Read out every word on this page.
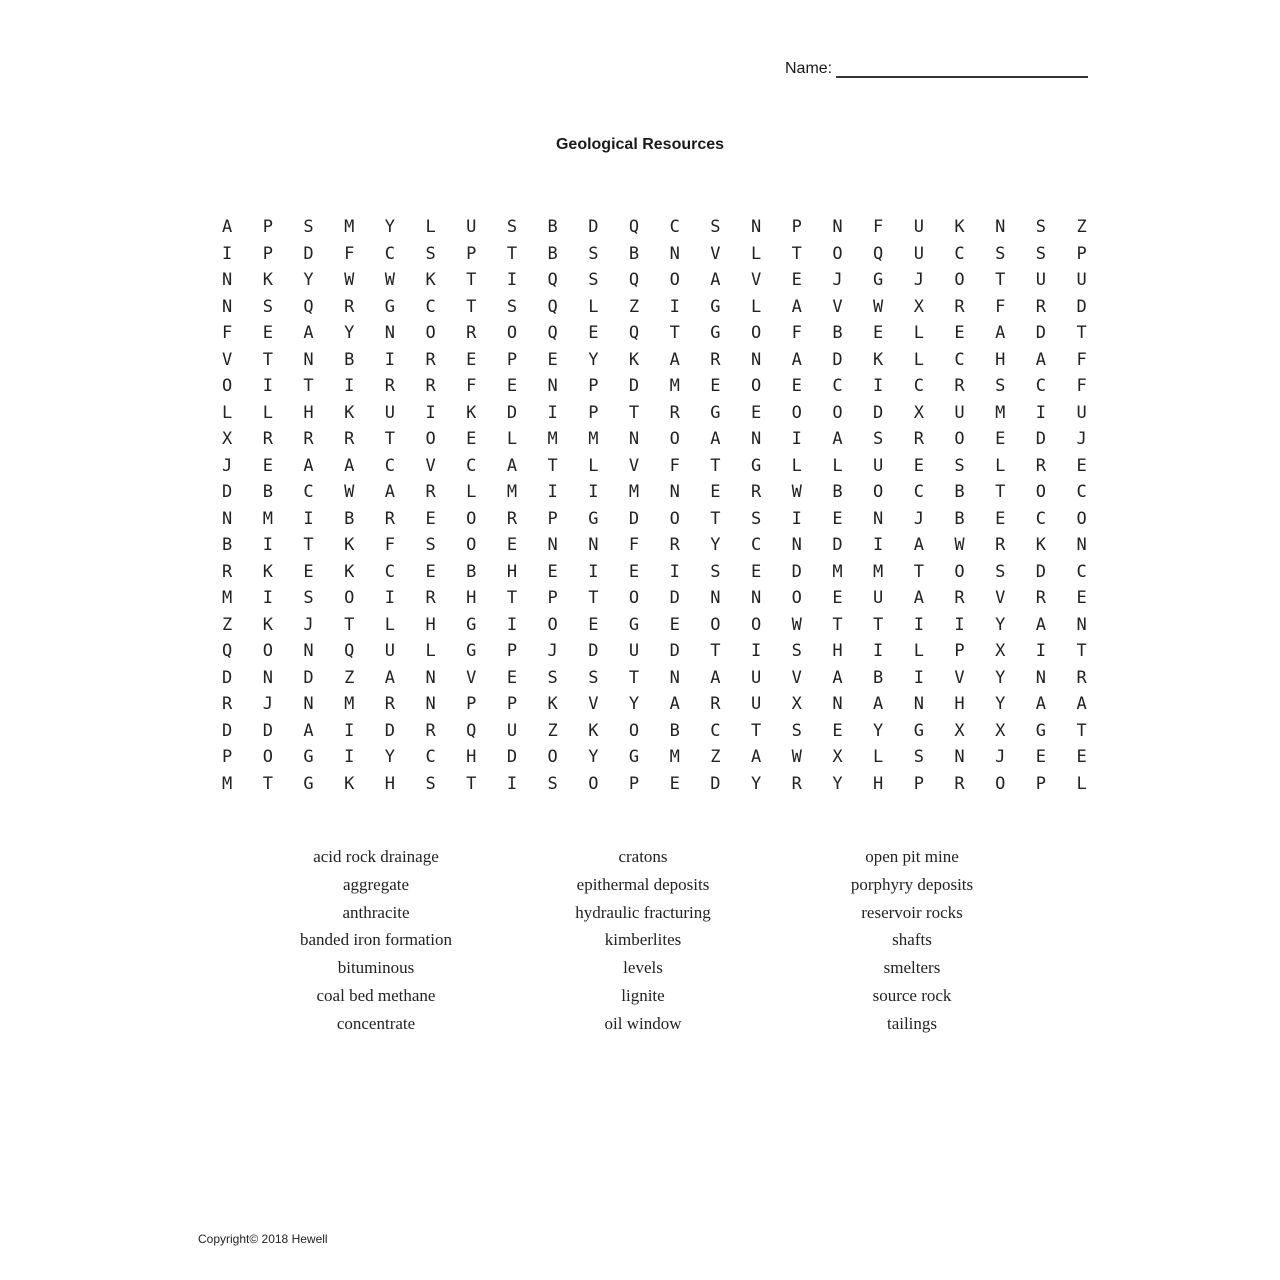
Name:
Geological Resources
A	P	S	M	Y	L	U	S	B	D	Q	C	S	N	P	N	F	U	K	N	S	Z
I	P	D	F	C	S	P	T	B	S	B	N	V	L	T	O	Q	U	C	S	S	P
N	K	Y	W	W	K	T	I	Q	S	Q	O	A	V	E	J	G	J	O	T	U	U
N	S	Q	R	G	C	T	S	Q	L	Z	I	G	L	A	V	W	X	R	F	R	D
F	E	A	Y	N	O	R	O	Q	E	Q	T	G	O	F	B	E	L	E	A	D	T
V	T	N	B	I	R	E	P	E	Y	K	A	R	N	A	D	K	L	C	H	A	F
O	I	T	I	R	R	F	E	N	P	D	M	E	O	E	C	I	C	R	S	C	F
L	L	H	K	U	I	K	D	I	P	T	R	G	E	O	O	D	X	U	M	I	U
X	R	R	R	T	O	E	L	M	M	N	O	A	N	I	A	S	R	O	E	D	J
J	E	A	A	C	V	C	A	T	L	V	F	T	G	L	L	U	E	S	L	R	E
D	B	C	W	A	R	L	M	I	I	M	N	E	R	W	B	O	C	B	T	O	C
N	M	I	B	R	E	O	R	P	G	D	O	T	S	I	E	N	J	B	E	C	O
B	I	T	K	F	S	O	E	N	N	F	R	Y	C	N	D	I	A	W	R	K	N
R	K	E	K	C	E	B	H	E	I	E	I	S	E	D	M	M	T	O	S	D	C
M	I	S	O	I	R	H	T	P	T	O	D	N	N	O	E	U	A	R	V	R	E
Z	K	J	T	L	H	G	I	O	E	G	E	O	O	W	T	T	I	I	Y	A	N
Q	O	N	Q	U	L	G	P	J	D	U	D	T	I	S	H	I	L	P	X	I	T
D	N	D	Z	A	N	V	E	S	S	T	N	A	U	V	A	B	I	V	Y	N	R
R	J	N	M	R	N	P	P	K	V	Y	A	R	U	X	N	A	N	H	Y	A	A
D	D	A	I	D	R	Q	U	Z	K	O	B	C	T	S	E	Y	G	X	X	G	T
P	O	G	I	Y	C	H	D	O	Y	G	M	Z	A	W	X	L	S	N	J	E	E
M	T	G	K	H	S	T	I	S	O	P	E	D	Y	R	Y	H	P	R	O	P	L
acid rock drainage
aggregate
anthracite
banded iron formation
bituminous
coal bed methane
concentrate
cratons
epithermal deposits
hydraulic fracturing
kimberlites
levels
lignite
oil window
open pit mine
porphyry deposits
reservoir rocks
shafts
smelters
source rock
tailings
Copyright© 2018 Hewell
